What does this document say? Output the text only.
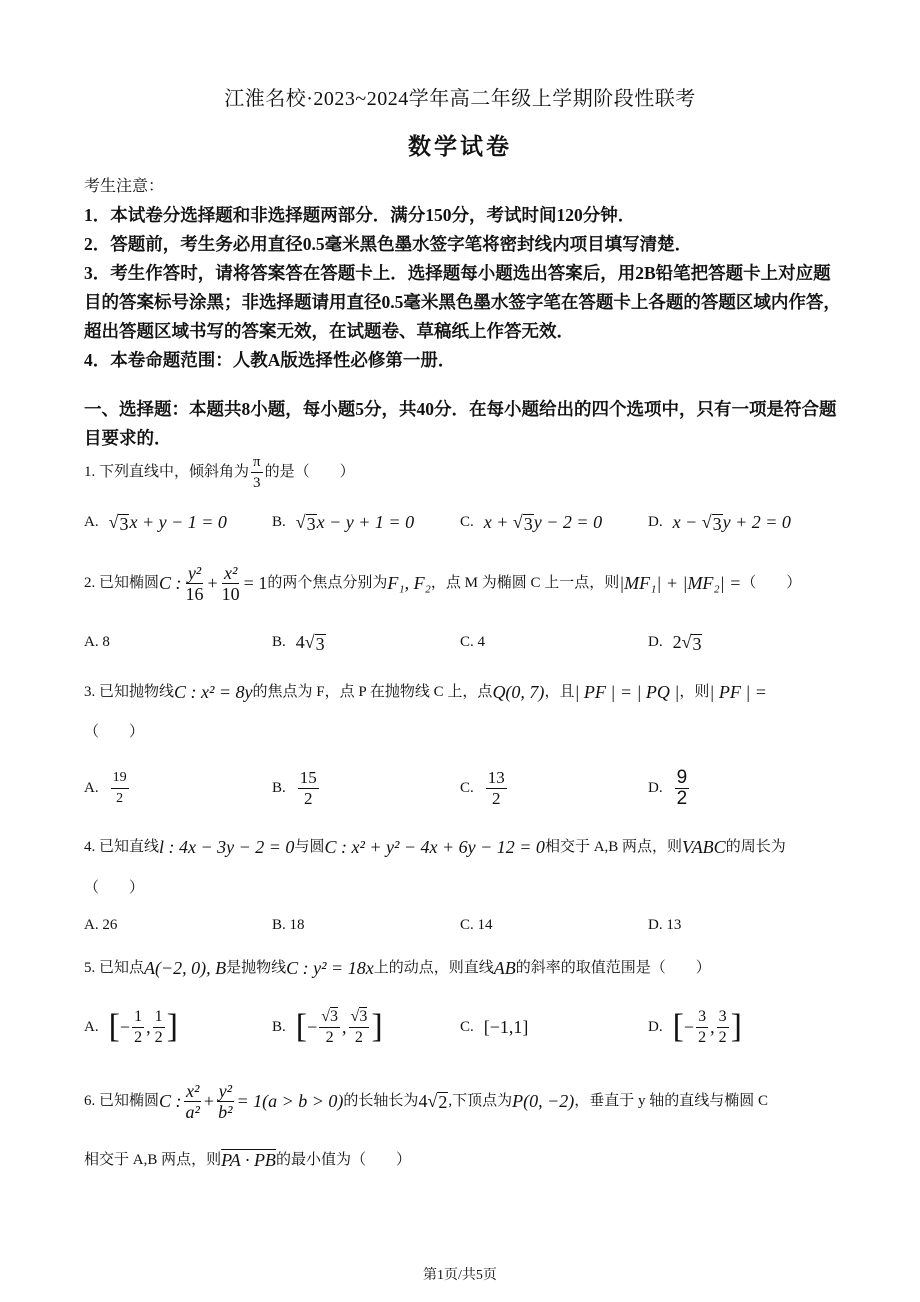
江淮名校·2023~2024学年高二年级上学期阶段性联考
数学试卷

考生注意：

1．本试卷分选择题和非选择题两部分．满分150分，考试时间120分钟．

2．答题前，考生务必用直径0.5毫米黑色墨水签字笔将密封线内项目填写清楚．

3．考生作答时，请将答案答在答题卡上．选择题每小题选出答案后，用2B铅笔把答题卡上对应题目的答案标号涂黑；非选择题请用直径0.5毫米黑色墨水签字笔在答题卡上各题的答题区域内作答，超出答题区域书写的答案无效，在试题卷、草稿纸上作答无效．

4．本卷命题范围：人教A版选择性必修第一册．

一、选择题：本题共8小题，每小题5分，共40分．在每小题给出的四个选项中，只有一项是符合题目要求的．
1. 下列直线中，倾斜角为 $\frac{\pi}{3}$ 的是（　　）
A. √ 3 x + y − 1 = 0	B. √ 3 x − y + 1 = 0	C. x + √ 3 y − 2 = 0	D. x − √ 3 y + 2 = 0
2. 已知椭圆 C : $\frac{\text{y²}}{16} + \frac{\text{x²}}{10} = 1$ 的两个焦点分别为 F₁, F₂ ，点 M 为椭圆 C 上一点，则 |MF₁| + |MF₂| = （　　）
A. 8	B. 4 √ 3	C. 4	D. 2 √ 3
3. 已知抛物线 C : x² = 8y 的焦点为 F，点 P 在抛物线 C 上，点 Q(0, 7) ，且 | PF | = | PQ | ，则 | PF | =
（　　）
A. $\frac{19}{2}$	B. $\frac{15}{2}$	C. $\frac{13}{2}$	D. $\frac{9}{2}$
4. 已知直线 l : 4x − 3y − 2 = 0 与圆 C : x² + y² − 4x + 6y − 12 = 0 相交于 A,B 两点，则 VABC 的周长为
（　　）
A. 26	B. 18	C. 14	D. 13
5. 已知点 A(−2, 0), B 是抛物线 C : y² = 18x 上的动点，则直线 AB 的斜率的取值范围是（　　）
A. [ − $\frac{1}{2}$ , $\frac{1}{2}$ ]	B. [ − $\frac{√3}{2}$ , $\frac{√3}{2}$ ]	C. [−1,1]	D. [ − $\frac{3}{2}$ , $\frac{3}{2}$ ]
6. 已知椭圆 C : $\frac{\text{x²}}{\text{a²}} + \frac{\text{y²}}{\text{b²}} = 1(a > b > 0)$ 的长轴长为 4 √ 2 ,下顶点为 P(0, −2) ，垂直于 y 轴的直线与椭圆 C
相交于 A,B 两点，则 PA · PB 的最小值为（　　）
第1页/共5页
